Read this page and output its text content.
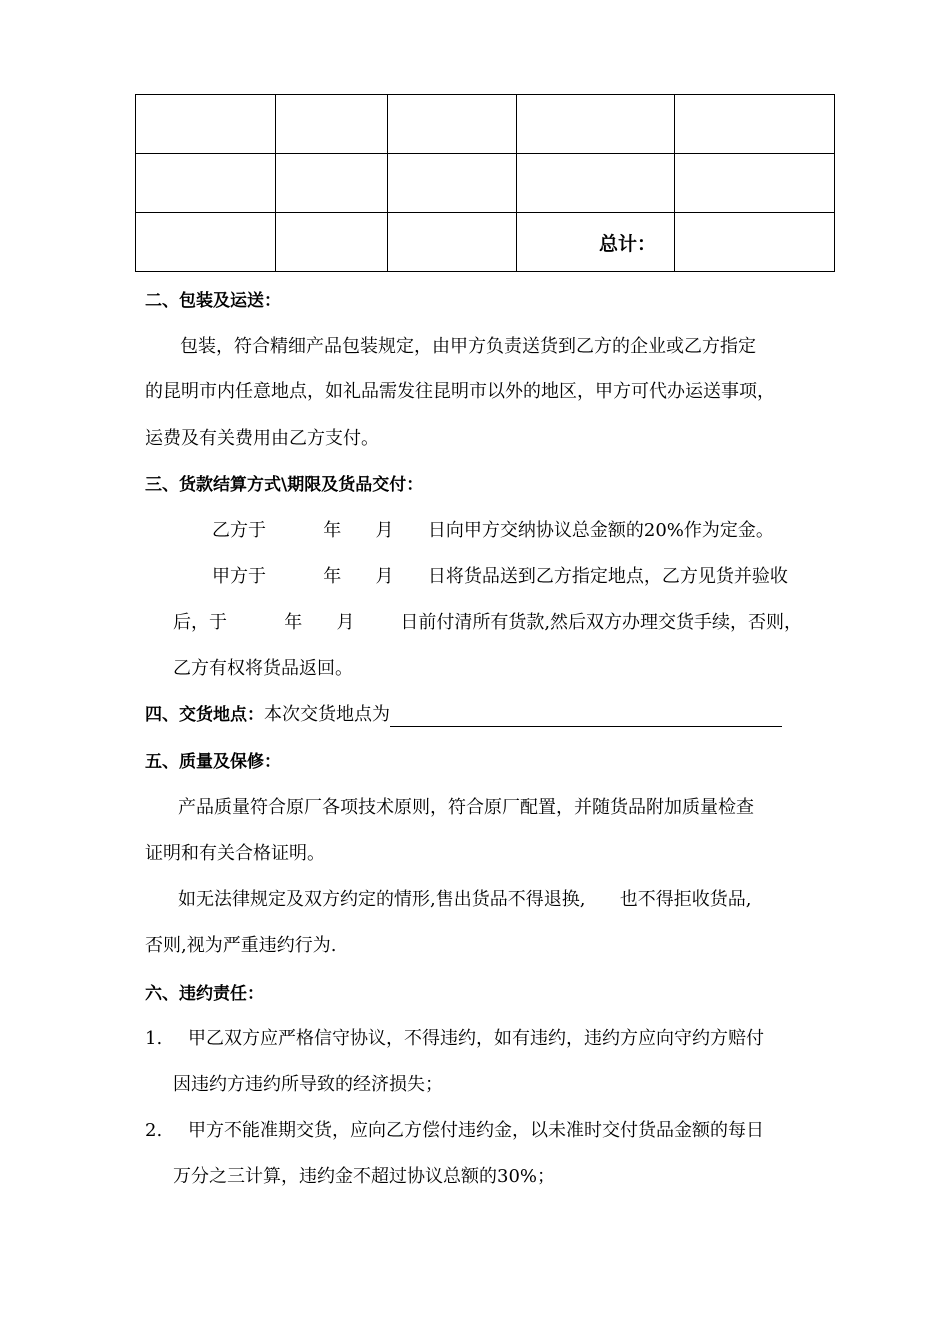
			总计：	
二、包装及运送：
包装，符合精细产品包装规定，由甲方负责送货到乙方的企业或乙方指定
的昆明市内任意地点，如礼品需发往昆明市以外的地区，甲方可代办运送事项，
运费及有关费用由乙方支付。
三、货款结算方式\期限及货品交付：
乙方于          年      月      日向甲方交纳协议总金额的20%作为定金。
甲方于          年      月      日将货品送到乙方指定地点，乙方见货并验收
后，于          年      月        日前付清所有货款,然后双方办理交货手续，否则，
乙方有权将货品返回。
四、交货地点：本次交货地点为
五、质量及保修：
产品质量符合原厂各项技术原则，符合原厂配置，并随货品附加质量检查
证明和有关合格证明。
如无法律规定及双方约定的情形,售出货品不得退换,      也不得拒收货品,
否则,视为严重违约行为.
六、违约责任：
1. 甲乙双方应严格信守协议，不得违约，如有违约，违约方应向守约方赔付
因违约方违约所导致的经济损失；
2. 甲方不能准期交货，应向乙方偿付违约金，以未准时交付货品金额的每日
万分之三计算，违约金不超过协议总额的30%；
